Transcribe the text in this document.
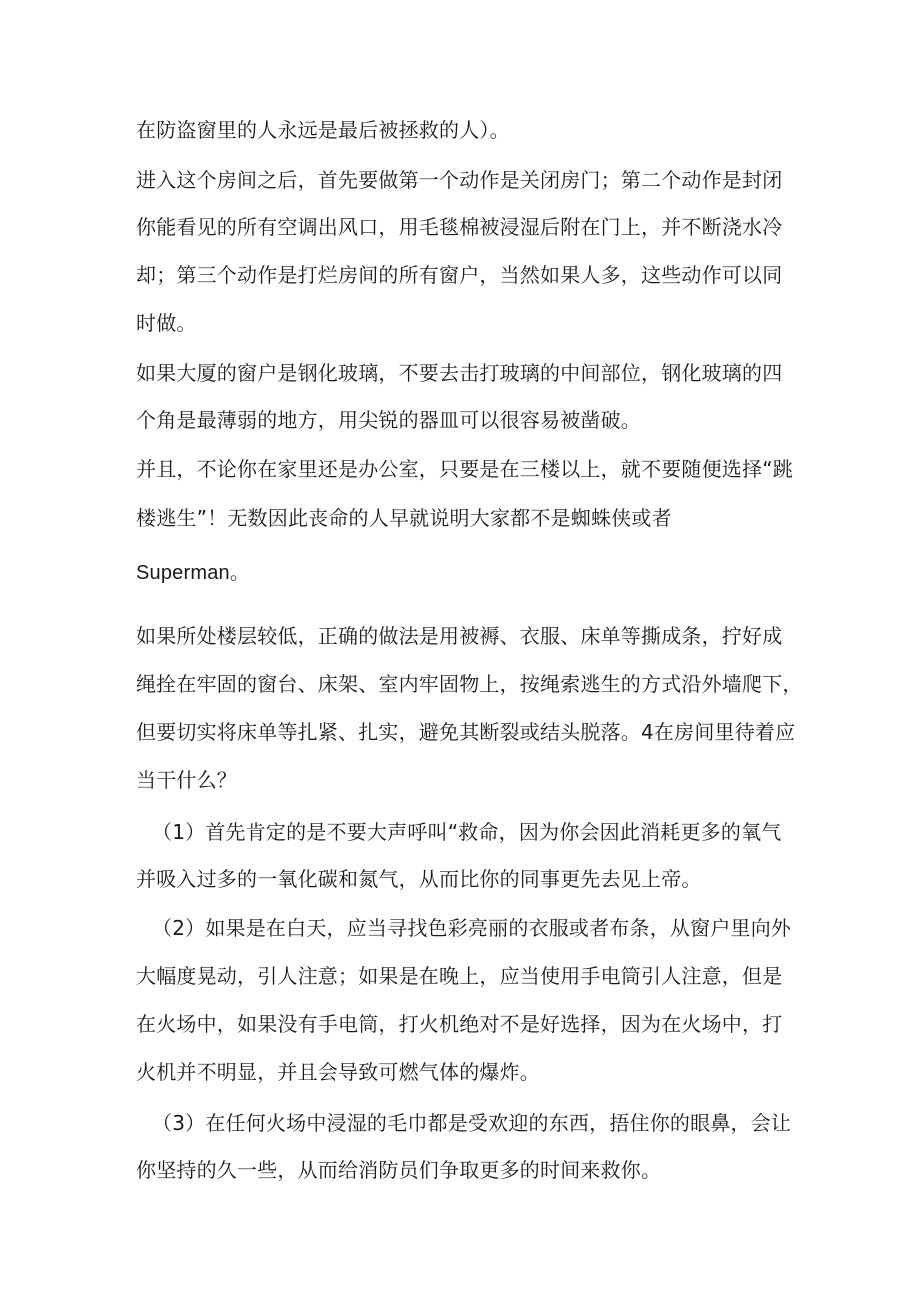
在防盗窗里的人永远是最后被拯救的人）。
进入这个房间之后，首先要做第一个动作是关闭房门；第二个动作是封闭
你能看见的所有空调出风口，用毛毯棉被浸湿后附在门上，并不断浇水冷
却；第三个动作是打烂房间的所有窗户，当然如果人多，这些动作可以同
时做。
如果大厦的窗户是钢化玻璃，不要去击打玻璃的中间部位，钢化玻璃的四
个角是最薄弱的地方，用尖锐的器皿可以很容易被凿破。
并且，不论你在家里还是办公室，只要是在三楼以上，就不要随便选择“跳
楼逃生”！无数因此丧命的人早就说明大家都不是蜘蛛侠或者
Superman。
如果所处楼层较低，正确的做法是用被褥、衣服、床单等撕成条，拧好成
绳拴在牢固的窗台、床架、室内牢固物上，按绳索逃生的方式沿外墙爬下，
但要切实将床单等扎紧、扎实，避免其断裂或结头脱落。4在房间里待着应
当干什么？
（1）首先肯定的是不要大声呼叫“救命，因为你会因此消耗更多的氧气
并吸入过多的一氧化碳和氮气，从而比你的同事更先去见上帝。
（2）如果是在白天，应当寻找色彩亮丽的衣服或者布条，从窗户里向外
大幅度晃动，引人注意；如果是在晚上，应当使用手电筒引人注意，但是
在火场中，如果没有手电筒，打火机绝对不是好选择，因为在火场中，打
火机并不明显，并且会导致可燃气体的爆炸。
（3）在任何火场中浸湿的毛巾都是受欢迎的东西，捂住你的眼鼻，会让
你坚持的久一些，从而给消防员们争取更多的时间来救你。
